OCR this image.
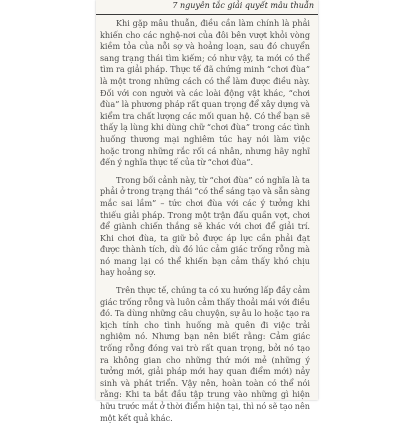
7 nguyên tắc giải quyết mâu thuẫn

Khi gặp mâu thuẫn, điều cần làm chính là phải khiến cho các nghệ-nơi của đôi bên vượt khỏi vòng kiềm tỏa của nỗi sợ và hoảng loạn, sau đó chuyển sang trạng thái tìm kiếm; có như vậy, ta mới có thể tìm ra giải pháp. Thực tế đã chứng minh “chơi đùa” là một trong những cách có thể làm được điều này. Đối với con người và các loài động vật khác, “chơi đùa” là phương pháp rất quan trọng để xây dựng và kiểm tra chất lượng các mối quan hệ. Có thể bạn sẽ thấy lạ lùng khi dùng chữ “chơi đùa” trong các tình huống thương mại nghiêm túc hay nói làm việc hoặc trong những rắc rối cá nhân, nhưng hãy nghĩ đến ý nghĩa thực tế của từ “chơi đùa”.

Trong bối cảnh này, từ “chơi đùa” có nghĩa là ta phải ở trong trạng thái “có thể sáng tạo và sẵn sàng mắc sai lầm” – tức chơi đùa với các ý tưởng khi thiếu giải pháp. Trong một trận đấu quần vợt, chơi để giành chiến thắng sẽ khác với chơi để giải trí. Khi chơi đùa, ta giữ bỏ được áp lực cần phải đạt được thành tích, dù đó lúc cảm giác trống rỗng mà nó mang lại có thể khiến bạn cảm thấy khó chịu hay hoảng sợ.

Trên thực tế, chúng ta có xu hướng lấp đầy cảm giác trống rỗng và luôn cảm thấy thoải mái với điều đó. Ta dùng những câu chuyện, sự âu lo hoặc tạo ra kịch tính cho tình huống mà quên đi việc trải nghiệm nó. Nhưng bạn nên biết rằng: Cảm giác trống rỗng đóng vai trò rất quan trọng, bởi nó tạo ra không gian cho những thứ mới mẻ (những ý tưởng mới, giải pháp mới hay quan điểm mới) nảy sinh và phát triển. Vậy nên, hoàn toàn có thể nói rằng: Khi ta bắt đầu tập trung vào những gì hiện hữu trước mắt ở thời điểm hiện tại, thì nó sẽ tạo nên một kết quả khác.
